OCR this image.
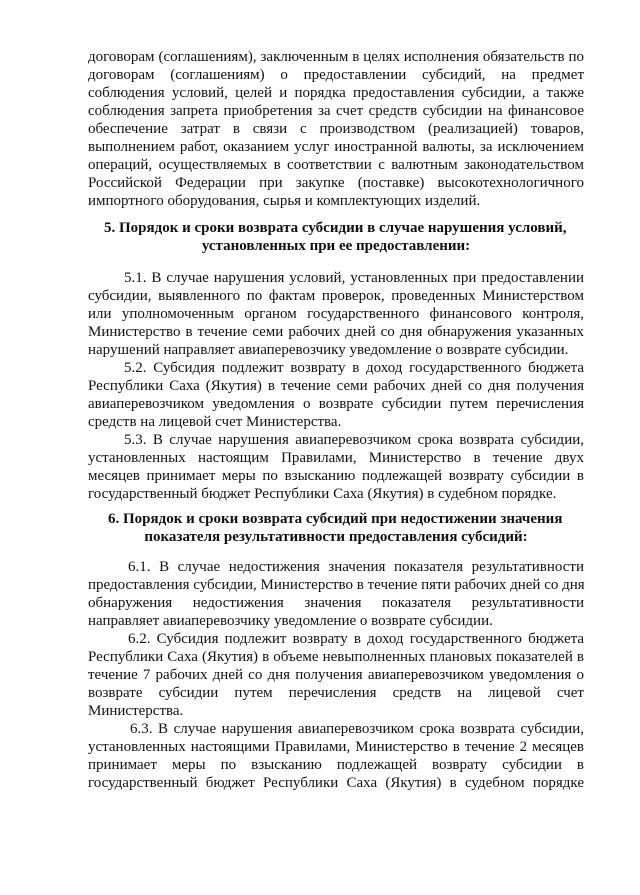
договорам (соглашениям), заключенным в целях исполнения обязательств по
договорам (соглашениям) о предоставлении субсидий, на предмет
соблюдения условий, целей и порядка предоставления субсидии, а также
соблюдения запрета приобретения за счет средств субсидии на финансовое
обеспечение затрат в связи с производством (реализацией) товаров,
выполнением работ, оказанием услуг иностранной валюты, за исключением
операций, осуществляемых в соответствии с валютным законодательством
Российской Федерации при закупке (поставке) высокотехнологичного
импортного оборудования, сырья и комплектующих изделий.
5. Порядок и сроки возврата субсидии в случае нарушения условий,
установленных при ее предоставлении:
5.1. В случае нарушения условий, установленных при предоставлении
субсидии, выявленного по фактам проверок, проведенных Министерством
или уполномоченным органом государственного финансового контроля,
Министерство в течение семи рабочих дней со дня обнаружения указанных
нарушений направляет авиаперевозчику уведомление о возврате субсидии.
5.2. Субсидия подлежит возврату в доход государственного бюджета
Республики Саха (Якутия) в течение семи рабочих дней со дня получения
авиаперевозчиком уведомления о возврате субсидии путем перечисления
средств на лицевой счет Министерства.
5.3. В случае нарушения авиаперевозчиком срока возврата субсидии,
установленных настоящим Правилами, Министерство в течение двух
месяцев принимает меры по взысканию подлежащей возврату субсидии в
государственный бюджет Республики Саха (Якутия) в судебном порядке.
6. Порядок и сроки возврата субсидий при недостижении значения
показателя результативности предоставления субсидий:
6.1. В случае недостижения значения показателя результативности
предоставления субсидии, Министерство в течение пяти рабочих дней со дня
обнаружения недостижения значения показателя результативности
направляет авиаперевозчику уведомление о возврате субсидии.
6.2. Субсидия подлежит возврату в доход государственного бюджета
Республики Саха (Якутия) в объеме невыполненных плановых показателей в
течение 7 рабочих дней со дня получения авиаперевозчиком уведомления о
возврате субсидии путем перечисления средств на лицевой счет
Министерства.
6.3. В случае нарушения авиаперевозчиком срока возврата субсидии,
установленных настоящими Правилами, Министерство в течение 2 месяцев
принимает меры по взысканию подлежащей возврату субсидии в
государственный бюджет Республики Саха (Якутия) в судебном порядке
